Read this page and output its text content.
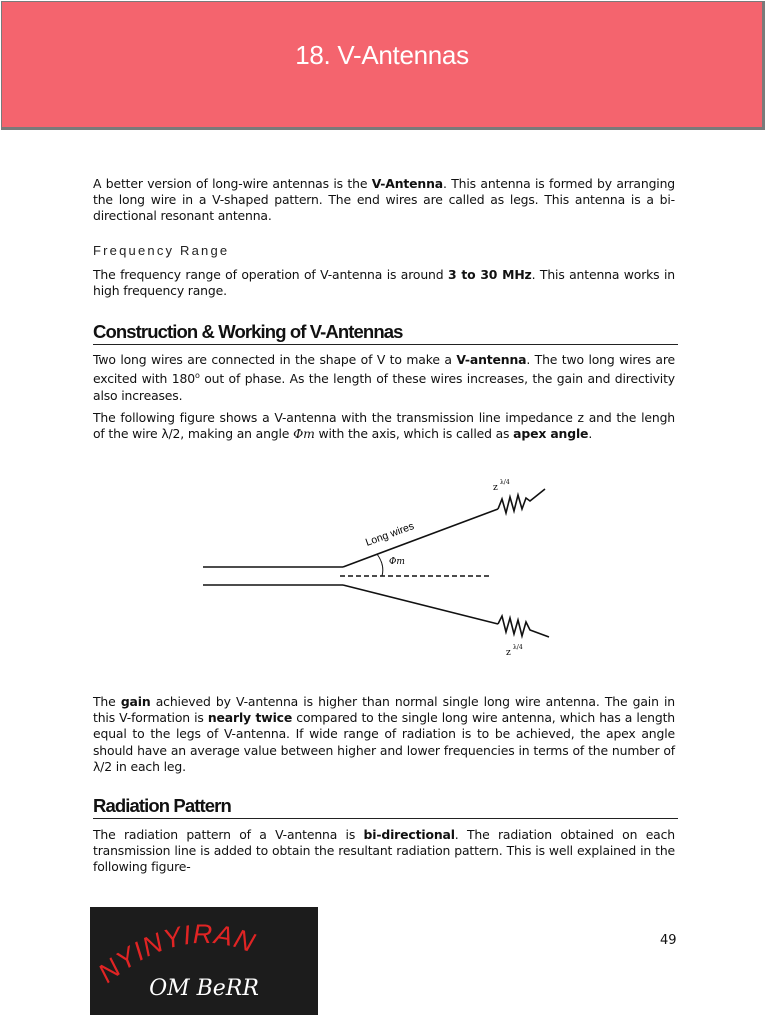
18. V-Antennas

A better version of long-wire antennas is the V-Antenna. This antenna is formed by arranging the long wire in a V-shaped pattern. The end wires are called as legs. This antenna is a bi-directional resonant antenna.

Frequency Range

The frequency range of operation of V-antenna is around 3 to 30 MHz. This antenna works in high frequency range.

Construction & Working of V-Antennas

Two long wires are connected in the shape of V to make a V-antenna. The two long wires are excited with 180$^o$ out of phase. As the length of these wires increases, the gain and directivity also increases.

The following figure shows a V-antenna with the transmission line impedance z and the lengh of the wire λ/2, making an angle Φm with the axis, which is called as apex angle.

Long wires
Φm
z
λ/4
z
λ/4

The gain achieved by V-antenna is higher than normal single long wire antenna. The gain in this V-formation is nearly twice compared to the single long wire antenna, which has a length equal to the legs of V-antenna. If wide range of radiation is to be achieved, the apex angle should have an average value between higher and lower frequencies in terms of the number of λ/2 in each leg.

Radiation Pattern

The radiation pattern of a V-antenna is bi-directional. The radiation obtained on each transmission line is added to obtain the resultant radiation pattern. This is well explained in the following figure-

NYINYIRAN
OM BeRR
49
